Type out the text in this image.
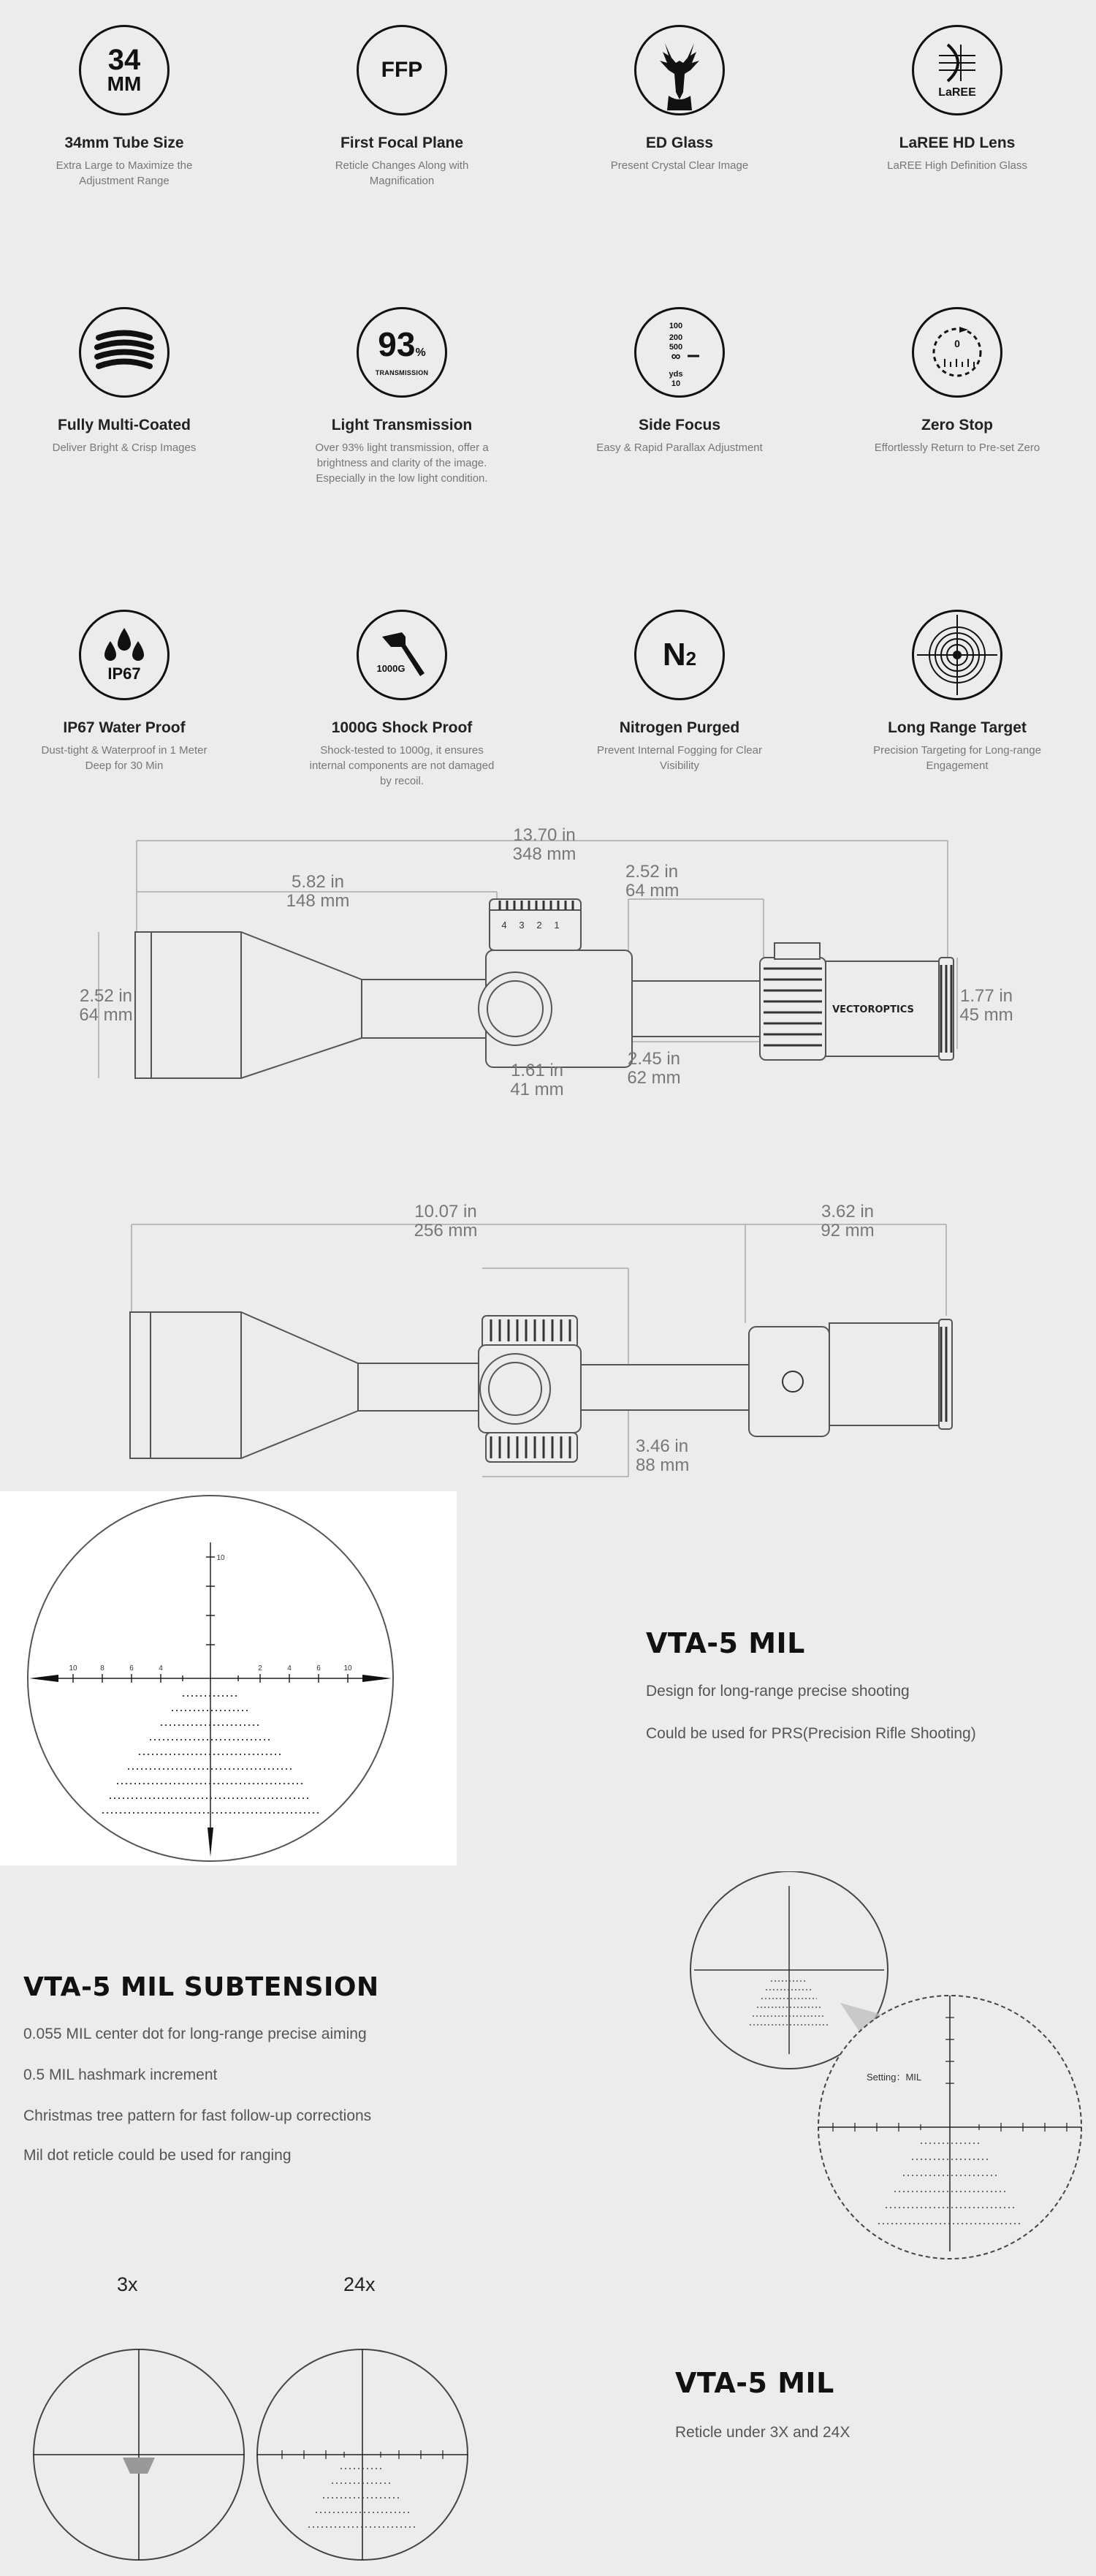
34
MM
34mm Tube Size
Extra Large to Maximize the Adjustment Range
FFP
First Focal Plane
Reticle Changes Along with Magnification
ED Glass
Present Crystal Clear Image
LaREE
LaREE HD Lens
LaREE High Definition Glass
Fully Multi-Coated
Deliver Bright & Crisp Images
93%
TRANSMISSION
Light Transmission
Over 93% light transmission, offer a brightness and clarity of the image. Especially in the low light condition.
100
200
500
∞
yds
10
Side Focus
Easy & Rapid Parallax Adjustment
0
Zero Stop
Effortlessly Return to Pre-set Zero
IP67
IP67 Water Proof
Dust-tight & Waterproof in 1 Meter Deep for 30 Min
1000G
1000G Shock Proof
Shock-tested to 1000g, it ensures internal components are not damaged by recoil.
N2
Nitrogen Purged
Prevent Internal Fogging for Clear Visibility
Long Range Target
Precision Targeting for Long-range Engagement
4 3 2 1
VECTOROPTICS
13.70 in
348 mm
5.82 in
148 mm
2.52 in
64 mm
2.52 in
64 mm
1.77 in
45 mm
1.61 in
41 mm
2.45 in
62 mm
10.07 in
256 mm
3.62 in
92 mm
3.46 in
88 mm
10	8	6	4	2	4	6	10
10
VTA-5 MIL
Design for long-range precise shooting
Could be used for PRS(Precision Rifle Shooting)
VTA-5 MIL SUBTENSION
0.055 MIL center dot for long-range precise aiming
0.5 MIL hashmark increment
Christmas tree pattern for fast follow-up corrections
Mil dot reticle could be used for ranging
Setting：MIL
3x	24x
VTA-5 MIL
Reticle under 3X and 24X
